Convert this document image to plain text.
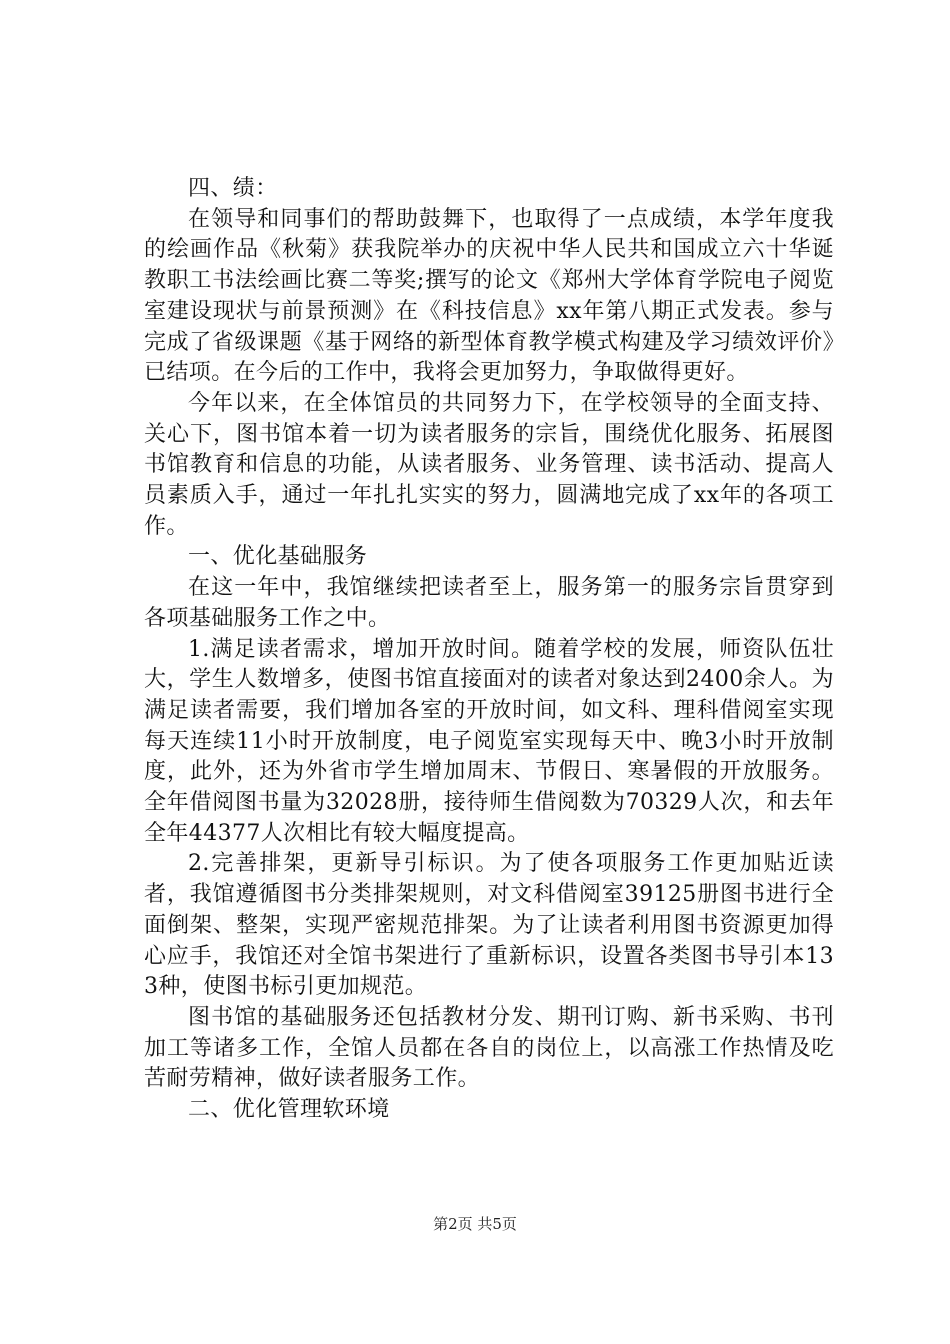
四、绩：

在领导和同事们的帮助鼓舞下，也取得了一点成绩，本学年度我的绘画作品《秋菊》获我院举办的庆祝中华人民共和国成立六十华诞教职工书法绘画比赛二等奖;撰写的论文《郑州大学体育学院电子阅览室建设现状与前景预测》在《科技信息》xx年第八期正式发表。参与完成了省级课题《基于网络的新型体育教学模式构建及学习绩效评价》已结项。在今后的工作中，我将会更加努力，争取做得更好。

今年以来，在全体馆员的共同努力下，在学校领导的全面支持、关心下，图书馆本着一切为读者服务的宗旨，围绕优化服务、拓展图书馆教育和信息的功能，从读者服务、业务管理、读书活动、提高人员素质入手，通过一年扎扎实实的努力，圆满地完成了xx年的各项工作。

一、优化基础服务

在这一年中，我馆继续把读者至上，服务第一的服务宗旨贯穿到各项基础服务工作之中。

1.满足读者需求，增加开放时间。随着学校的发展，师资队伍壮大，学生人数增多，使图书馆直接面对的读者对象达到2400余人。为满足读者需要，我们增加各室的开放时间，如文科、理科借阅室实现每天连续11小时开放制度，电子阅览室实现每天中、晚3小时开放制度，此外，还为外省市学生增加周末、节假日、寒暑假的开放服务。全年借阅图书量为32028册，接待师生借阅数为70329人次，和去年全年44377人次相比有较大幅度提高。

2.完善排架，更新导引标识。为了使各项服务工作更加贴近读者，我馆遵循图书分类排架规则，对文科借阅室39125册图书进行全面倒架、整架，实现严密规范排架。为了让读者利用图书资源更加得心应手，我馆还对全馆书架进行了重新标识，设置各类图书导引本133种，使图书标引更加规范。

图书馆的基础服务还包括教材分发、期刊订购、新书采购、书刊加工等诸多工作，全馆人员都在各自的岗位上，以高涨工作热情及吃苦耐劳精神，做好读者服务工作。

二、优化管理软环境

第2页 共5页
